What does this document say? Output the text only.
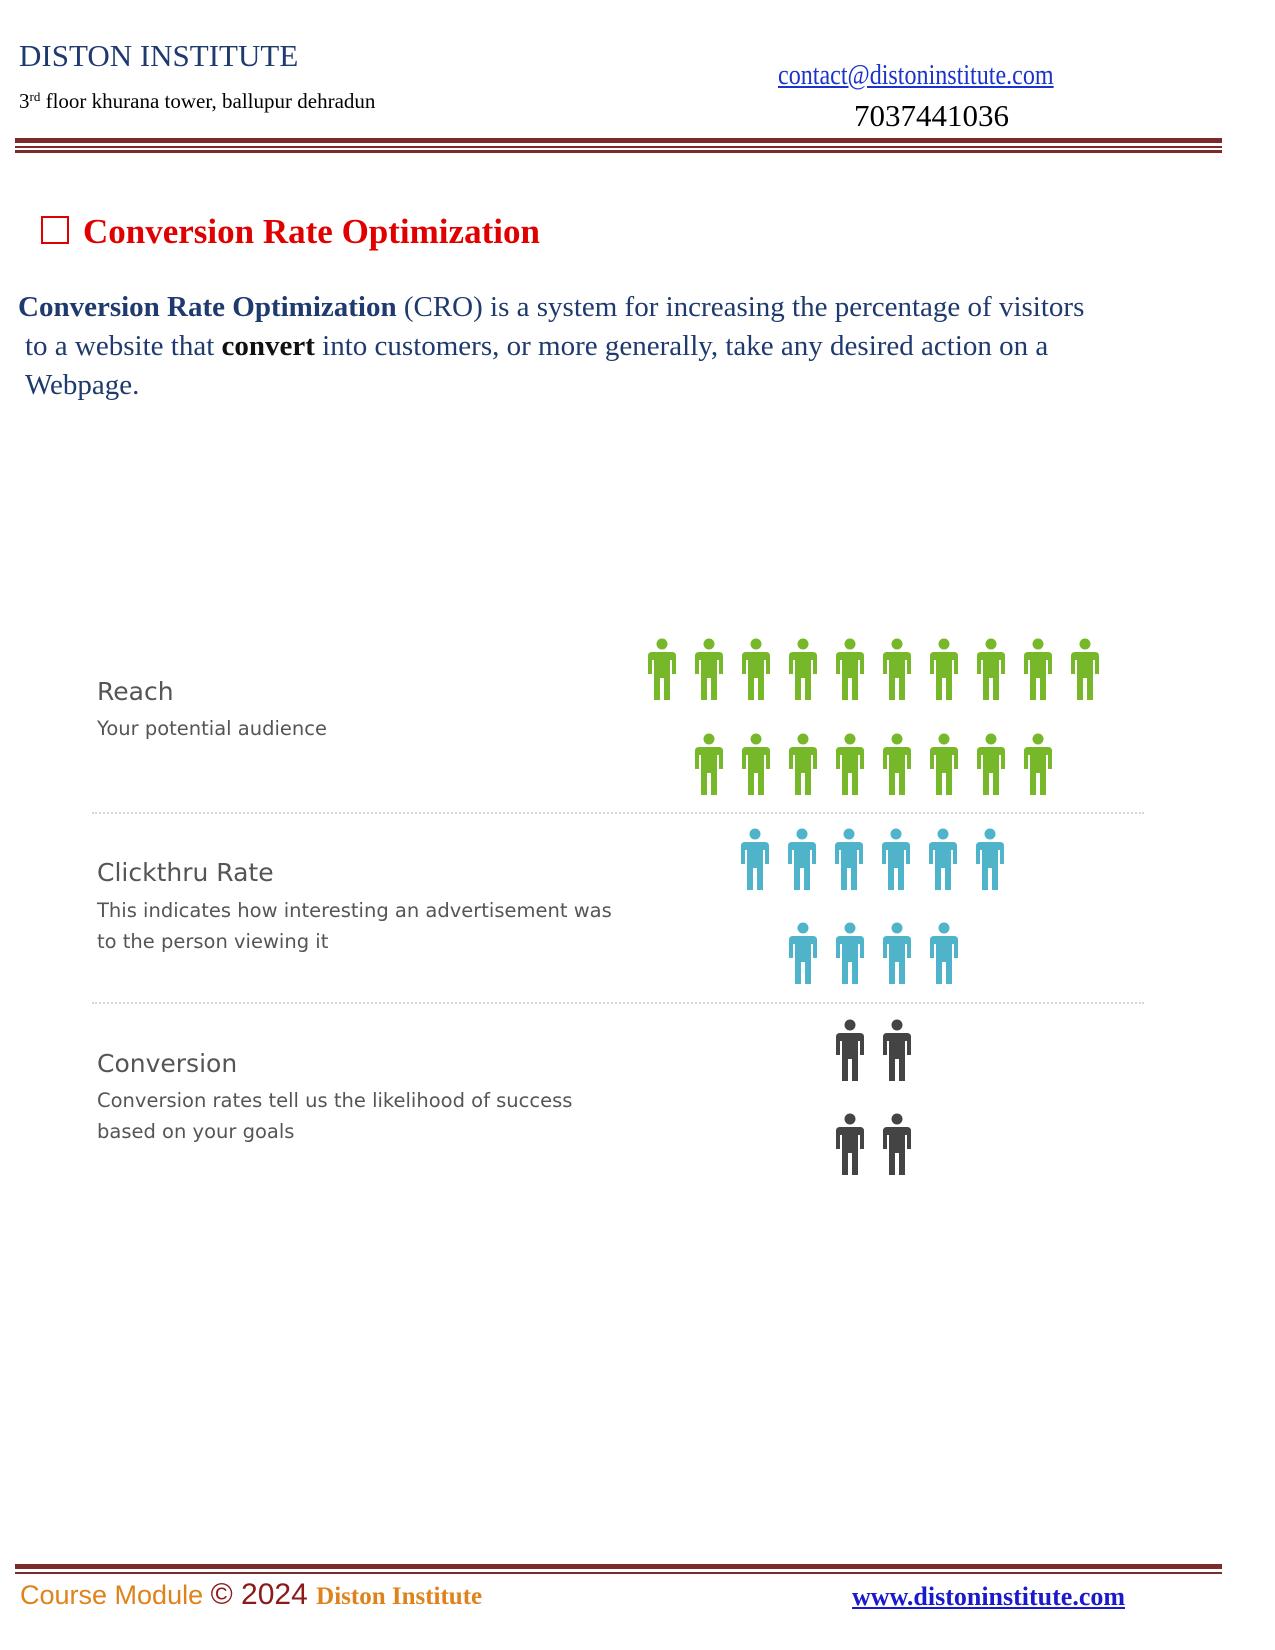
DISTON INSTITUTE
3rd floor khurana tower, ballupur dehradun
contact@distoninstitute.com
7037441036
Conversion Rate Optimization
Conversion Rate Optimization (CRO) is a system for increasing the percentage of visitors
to a website that convert into customers, or more generally, take any desired action on a
Webpage.
Reach
Your potential audience
Clickthru Rate
This indicates how interesting an advertisement was
to the person viewing it
Conversion
Conversion rates tell us the likelihood of success
based on your goals
Course Module © 2024 Diston Institute	www.distoninstitute.com
